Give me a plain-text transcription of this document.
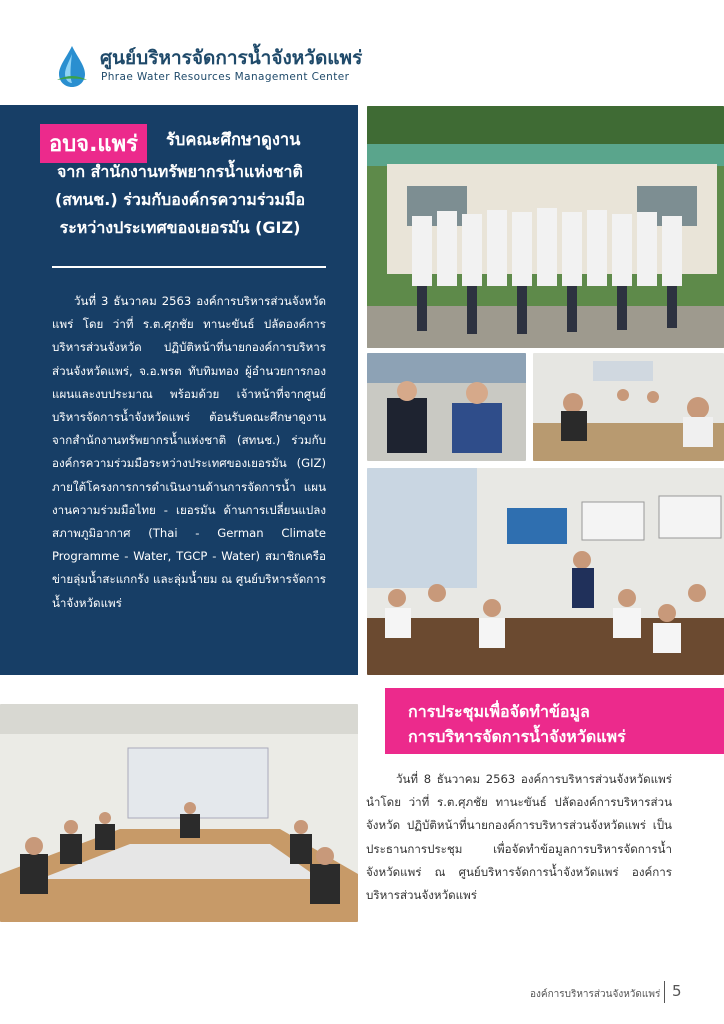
ศูนย์บริหารจัดการน้ำจังหวัดแพร่
Phrae Water Resources Management Center
อบจ.แพร่	รับคณะศึกษาดูงาน
จาก สำนักงานทรัพยากรน้ำแห่งชาติ
(สทนช.) ร่วมกับองค์กรความร่วมมือ
ระหว่างประเทศของเยอรมัน (GIZ)
วันที่ 3 ธันวาคม 2563 องค์การบริหารส่วนจังหวัดแพร่ โดย ว่าที่ ร.ต.ศุภชัย ทานะขันธ์ ปลัดองค์การบริหารส่วนจังหวัด ปฏิบัติหน้าที่นายกองค์การบริหารส่วนจังหวัดแพร่, จ.อ.พรต ทับทิมทอง ผู้อำนวยการกองแผนและงบประมาณ พร้อมด้วย เจ้าหน้าที่จากศูนย์บริหารจัดการน้ำจังหวัดแพร่ ต้อนรับคณะศึกษาดูงานจากสำนักงานทรัพยากรน้ำแห่งชาติ (สทนช.) ร่วมกับองค์กรความร่วมมือระหว่างประเทศของเยอรมัน (GIZ) ภายใต้โครงการการดำเนินงานด้านการจัดการน้ำ แผนงานความร่วมมือไทย - เยอรมัน ด้านการเปลี่ยนแปลงสภาพภูมิอากาศ (Thai - German Climate Programme - Water, TGCP - Water) สมาชิกเครือข่ายลุ่มน้ำสะแกกรัง และลุ่มน้ำยม ณ ศูนย์บริหารจัดการน้ำจังหวัดแพร่
การประชุมเพื่อจัดทำข้อมูล
การบริหารจัดการน้ำจังหวัดแพร่
วันที่ 8 ธันวาคม 2563 องค์การบริหารส่วนจังหวัดแพร่ นำโดย ว่าที่ ร.ต.ศุภชัย ทานะขันธ์ ปลัดองค์การบริหารส่วนจังหวัด ปฏิบัติหน้าที่นายกองค์การบริหารส่วนจังหวัดแพร่ เป็นประธานการประชุม เพื่อจัดทำข้อมูลการบริหารจัดการน้ำจังหวัดแพร่ ณ ศูนย์บริหารจัดการน้ำจังหวัดแพร่ องค์การบริหารส่วนจังหวัดแพร่
องค์การบริหารส่วนจังหวัดแพร่ 5
